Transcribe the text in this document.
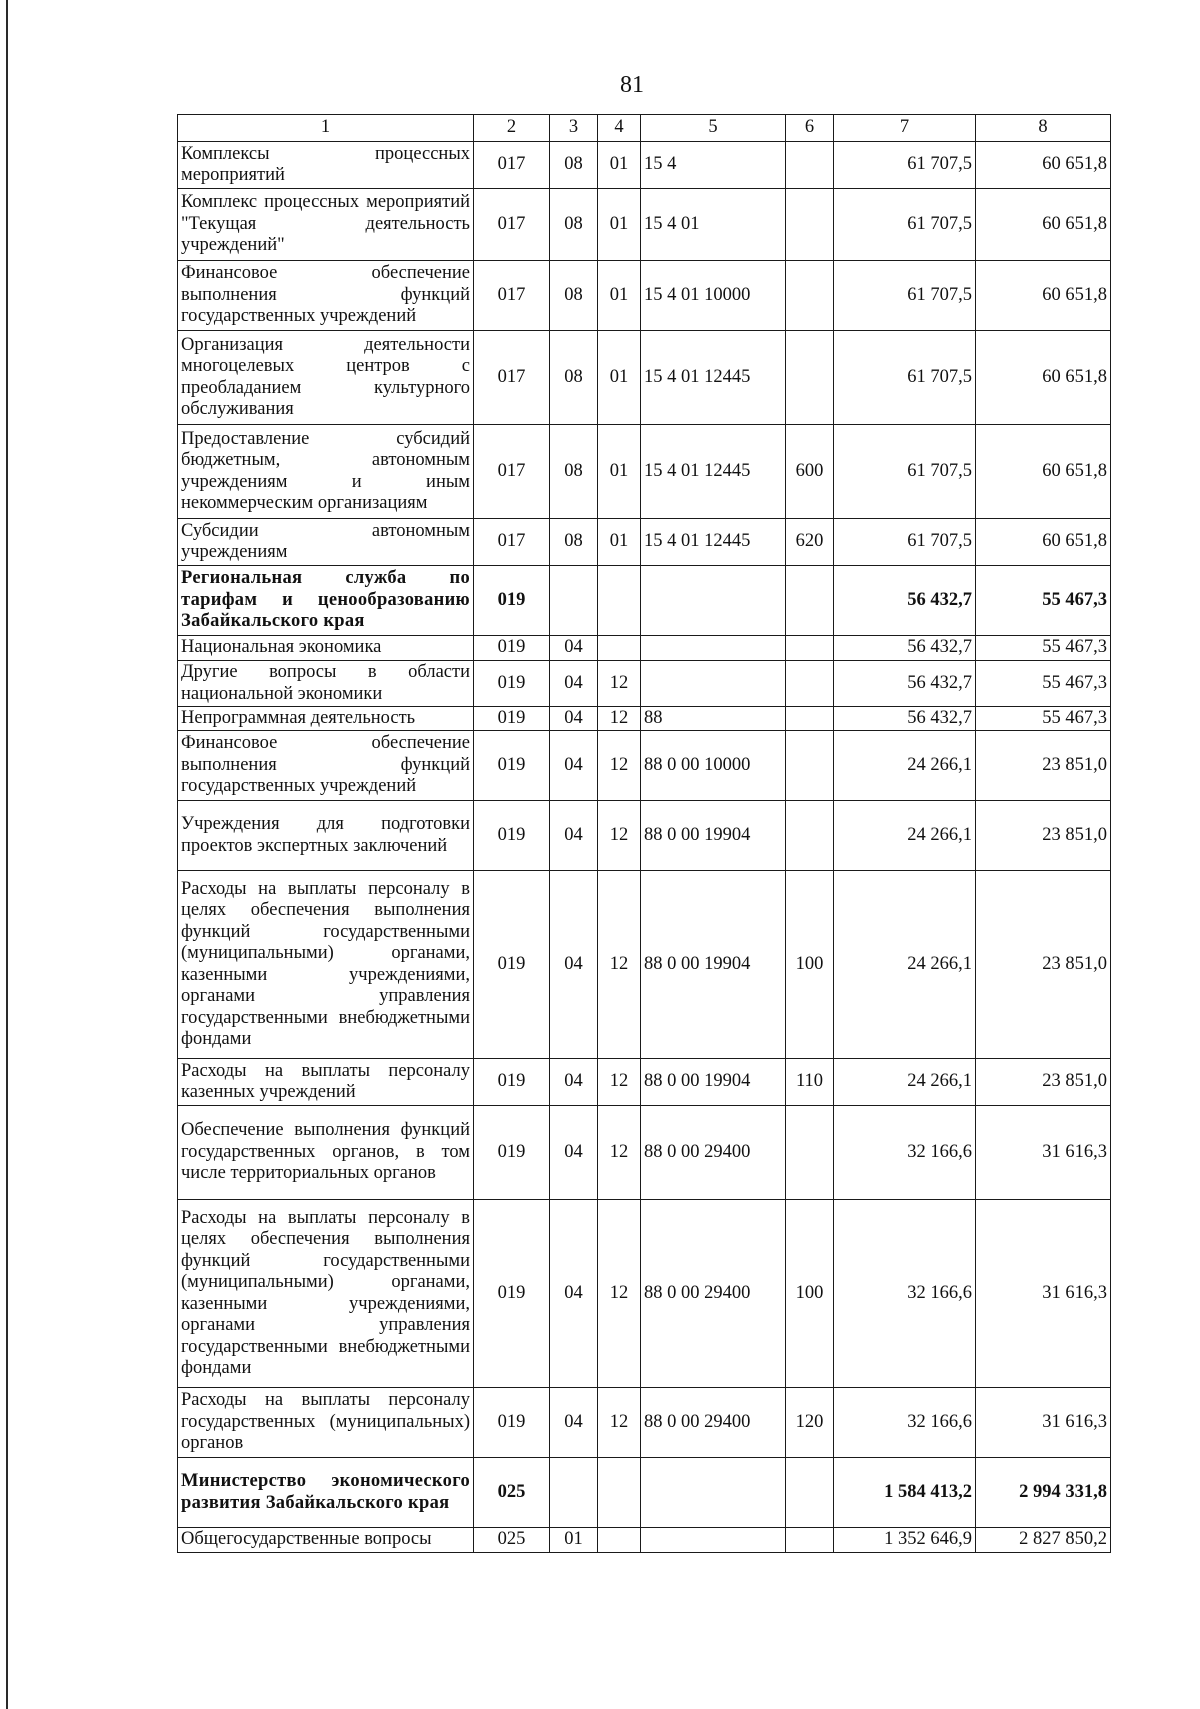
81
1	2	3	4	5	6	7	8
Комплексы процессных мероприятий	017	08	01	15 4		61 707,5	60 651,8
Комплекс процессных мероприятий "Текущая деятельность учреждений"	017	08	01	15 4 01		61 707,5	60 651,8
Финансовое обеспечение выполнения функций государственных учреждений	017	08	01	15 4 01 10000		61 707,5	60 651,8
Организация деятельности многоцелевых центров с преобладанием культурного обслуживания	017	08	01	15 4 01 12445		61 707,5	60 651,8
Предоставление субсидий бюджетным, автономным учреждениям и иным некоммерческим организациям	017	08	01	15 4 01 12445	600	61 707,5	60 651,8
Субсидии автономным учреждениям	017	08	01	15 4 01 12445	620	61 707,5	60 651,8
Региональная служба по тарифам и ценообразованию Забайкальского края	019					56 432,7	55 467,3
Национальная экономика	019	04				56 432,7	55 467,3
Другие вопросы в области национальной экономики	019	04	12			56 432,7	55 467,3
Непрограммная деятельность	019	04	12	88		56 432,7	55 467,3
Финансовое обеспечение выполнения функций государственных учреждений	019	04	12	88 0 00 10000		24 266,1	23 851,0
Учреждения для подготовки проектов экспертных заключений	019	04	12	88 0 00 19904		24 266,1	23 851,0
Расходы на выплаты персоналу в целях обеспечения выполнения функций государственными (муниципальными) органами, казенными учреждениями, органами управления государственными внебюджетными фондами	019	04	12	88 0 00 19904	100	24 266,1	23 851,0
Расходы на выплаты персоналу казенных учреждений	019	04	12	88 0 00 19904	110	24 266,1	23 851,0
Обеспечение выполнения функций государственных органов, в том числе территориальных органов	019	04	12	88 0 00 29400		32 166,6	31 616,3
Расходы на выплаты персоналу в целях обеспечения выполнения функций государственными (муниципальными) органами, казенными учреждениями, органами управления государственными внебюджетными фондами	019	04	12	88 0 00 29400	100	32 166,6	31 616,3
Расходы на выплаты персоналу государственных (муниципальных) органов	019	04	12	88 0 00 29400	120	32 166,6	31 616,3
Министерство экономического развития Забайкальского края	025					1 584 413,2	2 994 331,8
Общегосударственные вопросы	025	01				1 352 646,9	2 827 850,2
